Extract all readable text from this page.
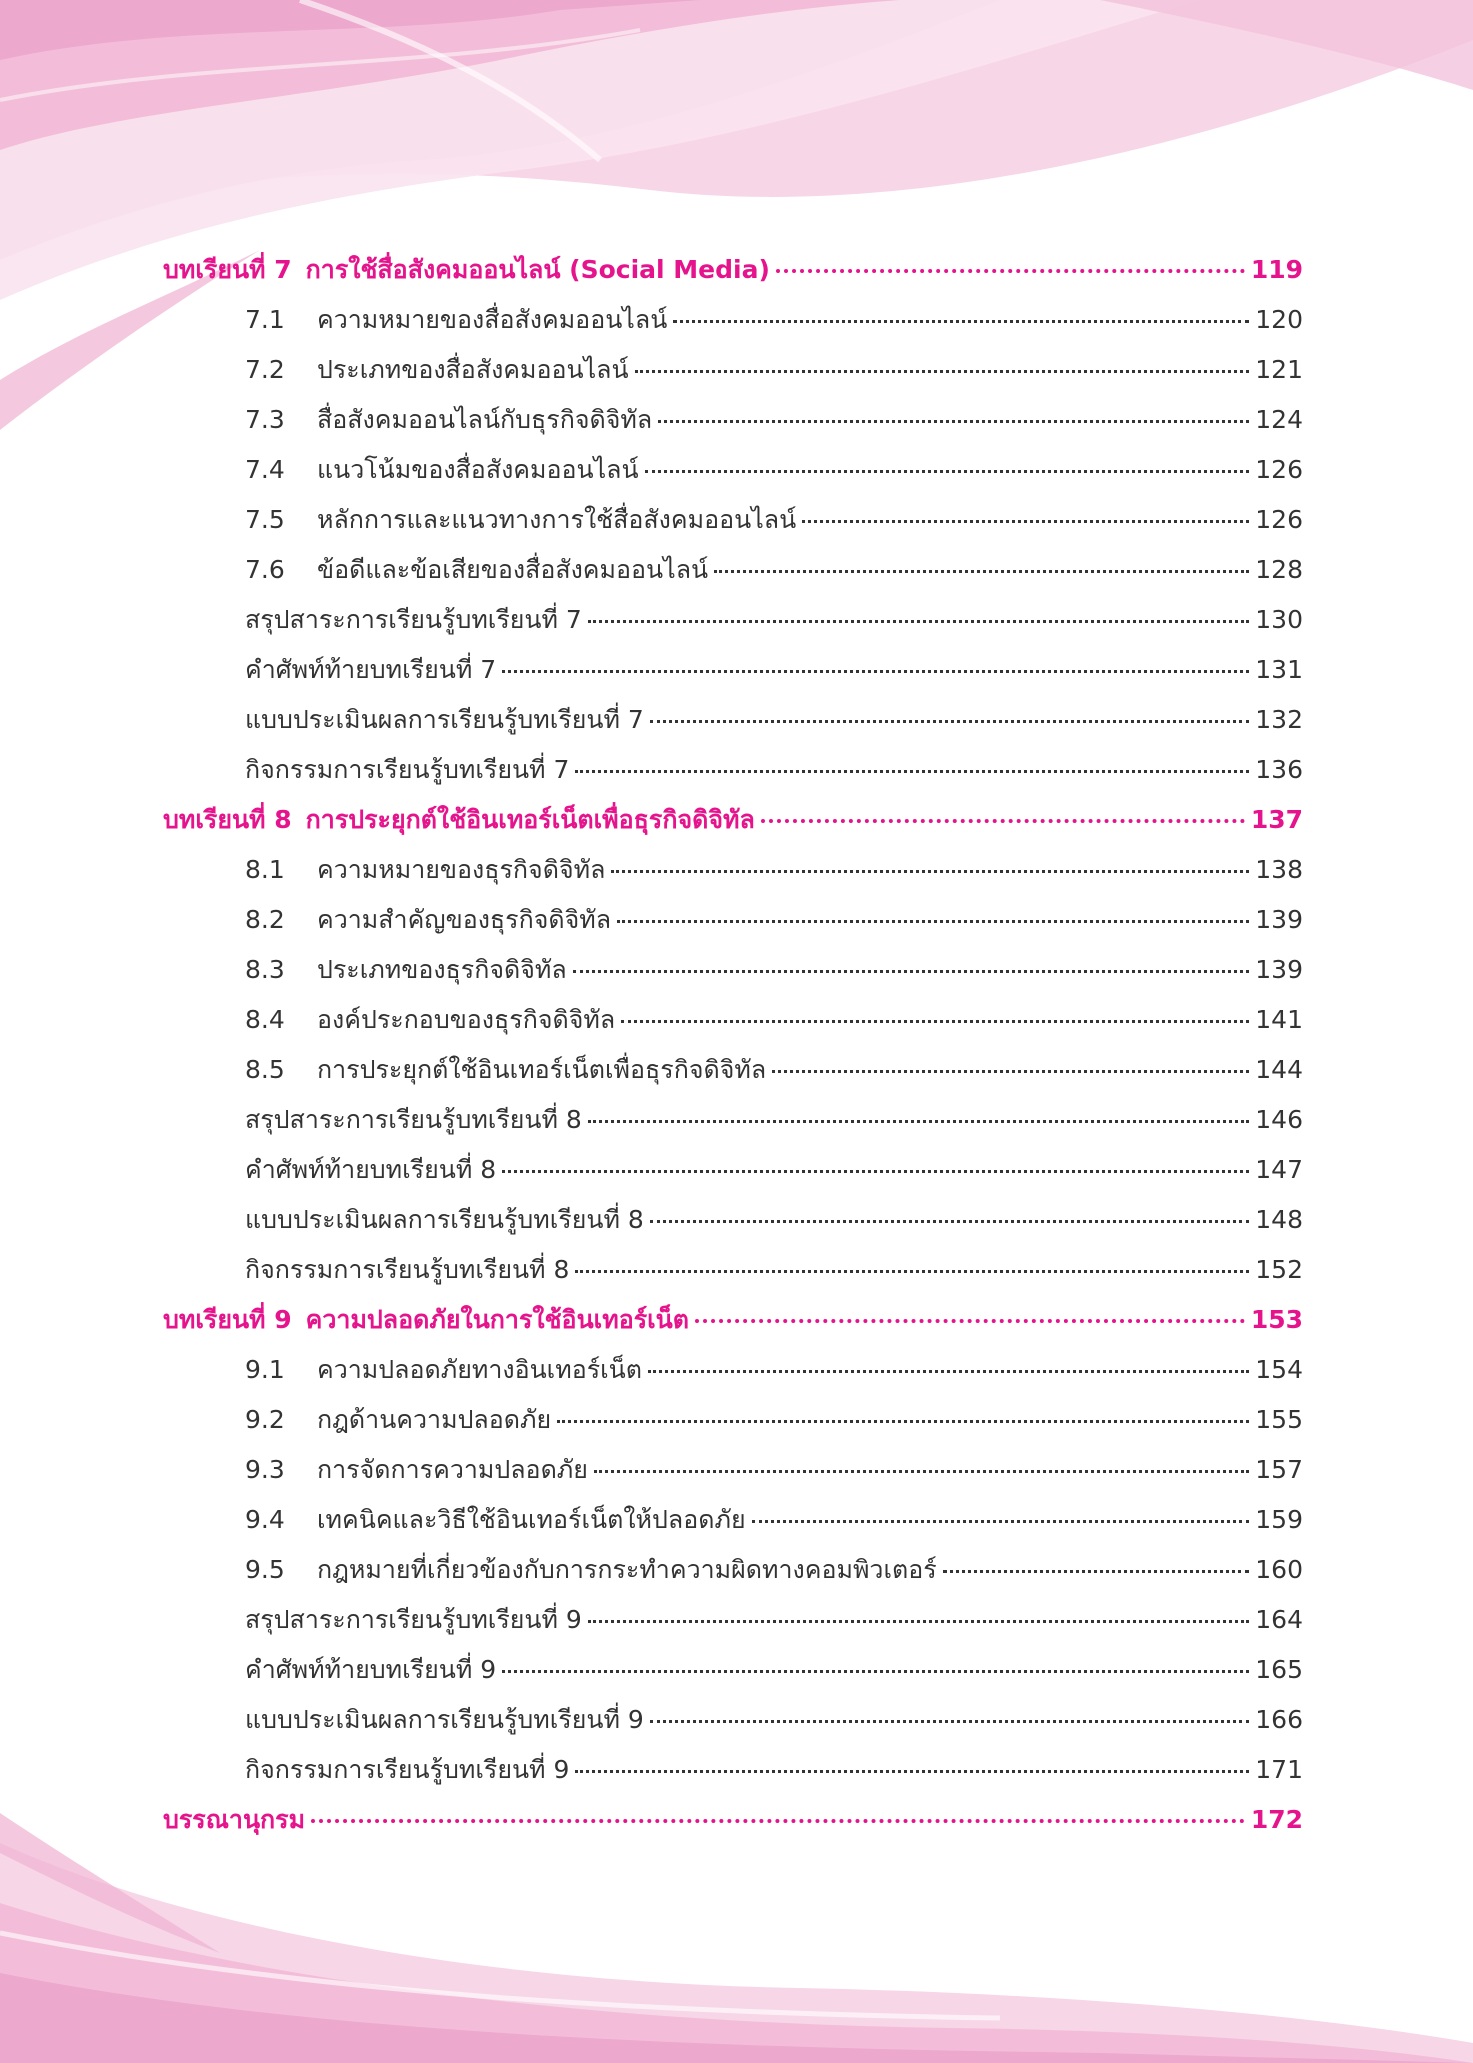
บทเรียนที่ 7 การใช้สื่อสังคมออนไลน์ (Social Media)	119
7.1	ความหมายของสื่อสังคมออนไลน์	120
7.2	ประเภทของสื่อสังคมออนไลน์	121
7.3	สื่อสังคมออนไลน์กับธุรกิจดิจิทัล	124
7.4	แนวโน้มของสื่อสังคมออนไลน์	126
7.5	หลักการและแนวทางการใช้สื่อสังคมออนไลน์	126
7.6	ข้อดีและข้อเสียของสื่อสังคมออนไลน์	128
สรุปสาระการเรียนรู้บทเรียนที่ 7	130
คำศัพท์ท้ายบทเรียนที่ 7	131
แบบประเมินผลการเรียนรู้บทเรียนที่ 7	132
กิจกรรมการเรียนรู้บทเรียนที่ 7	136
บทเรียนที่ 8 การประยุกต์ใช้อินเทอร์เน็ตเพื่อธุรกิจดิจิทัล	137
8.1	ความหมายของธุรกิจดิจิทัล	138
8.2	ความสำคัญของธุรกิจดิจิทัล	139
8.3	ประเภทของธุรกิจดิจิทัล	139
8.4	องค์ประกอบของธุรกิจดิจิทัล	141
8.5	การประยุกต์ใช้อินเทอร์เน็ตเพื่อธุรกิจดิจิทัล	144
สรุปสาระการเรียนรู้บทเรียนที่ 8	146
คำศัพท์ท้ายบทเรียนที่ 8	147
แบบประเมินผลการเรียนรู้บทเรียนที่ 8	148
กิจกรรมการเรียนรู้บทเรียนที่ 8	152
บทเรียนที่ 9 ความปลอดภัยในการใช้อินเทอร์เน็ต	153
9.1	ความปลอดภัยทางอินเทอร์เน็ต	154
9.2	กฎด้านความปลอดภัย	155
9.3	การจัดการความปลอดภัย	157
9.4	เทคนิคและวิธีใช้อินเทอร์เน็ตให้ปลอดภัย	159
9.5	กฎหมายที่เกี่ยวข้องกับการกระทำความผิดทางคอมพิวเตอร์	160
สรุปสาระการเรียนรู้บทเรียนที่ 9	164
คำศัพท์ท้ายบทเรียนที่ 9	165
แบบประเมินผลการเรียนรู้บทเรียนที่ 9	166
กิจกรรมการเรียนรู้บทเรียนที่ 9	171
บรรณานุกรม	172
